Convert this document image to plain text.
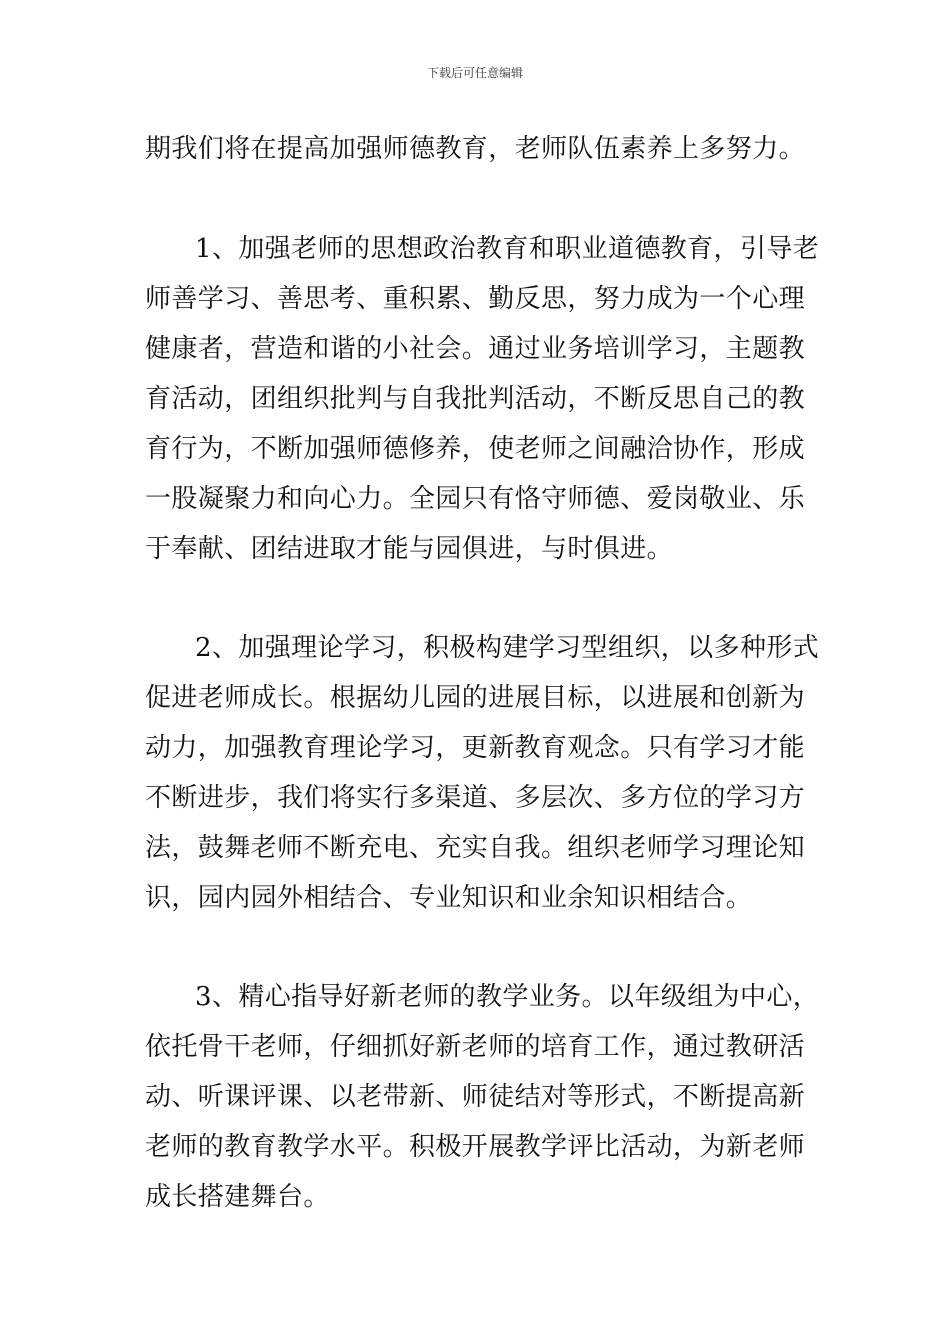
下载后可任意编辑
期我们将在提高加强师德教育，老师队伍素养上多努力。
1、加强老师的思想政治教育和职业道德教育，引导老
师善学习、善思考、重积累、勤反思，努力成为一个心理
健康者，营造和谐的小社会。通过业务培训学习，主题教
育活动，团组织批判与自我批判活动，不断反思自己的教
育行为，不断加强师德修养，使老师之间融洽协作，形成
一股凝聚力和向心力。全园只有恪守师德、爱岗敬业、乐
于奉献、团结进取才能与园俱进，与时俱进。
2、加强理论学习，积极构建学习型组织，以多种形式
促进老师成长。根据幼儿园的进展目标，以进展和创新为
动力，加强教育理论学习，更新教育观念。只有学习才能
不断进步，我们将实行多渠道、多层次、多方位的学习方
法，鼓舞老师不断充电、充实自我。组织老师学习理论知
识，园内园外相结合、专业知识和业余知识相结合。
3、精心指导好新老师的教学业务。以年级组为中心，
依托骨干老师，仔细抓好新老师的培育工作，通过教研活
动、听课评课、以老带新、师徒结对等形式，不断提高新
老师的教育教学水平。积极开展教学评比活动，为新老师
成长搭建舞台。
